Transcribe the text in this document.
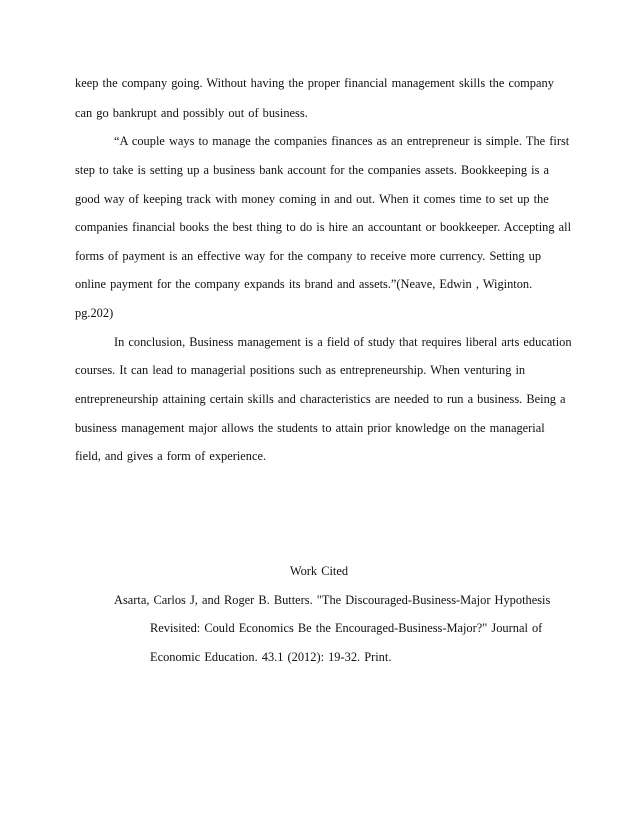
keep the company going. Without having the proper financial management skills the company
can go bankrupt and possibly out of business.
“A couple ways to manage the companies finances as an entrepreneur is simple. The first
step to take is setting up a business bank account for the companies assets. Bookkeeping is a
good way of keeping track with money coming in and out. When it comes time to set up the
companies financial books the best thing to do is hire an accountant or bookkeeper. Accepting all
forms of payment is an effective way for the company to receive more currency. Setting up
online payment for the company expands its brand and assets.”(Neave, Edwin , Wiginton.
pg.202)
In conclusion, Business management is a field of study that requires liberal arts education
courses. It can lead to managerial positions such as entrepreneurship. When venturing in
entrepreneurship attaining certain skills and characteristics are needed to run a business. Being a
business management major allows the students to attain prior knowledge on the managerial
field, and gives a form of experience.
Work Cited
Asarta, Carlos J, and Roger B. Butters. "The Discouraged-Business-Major Hypothesis
Revisited: Could Economics Be the Encouraged-Business-Major?" Journal of
Economic Education. 43.1 (2012): 19-32. Print.
